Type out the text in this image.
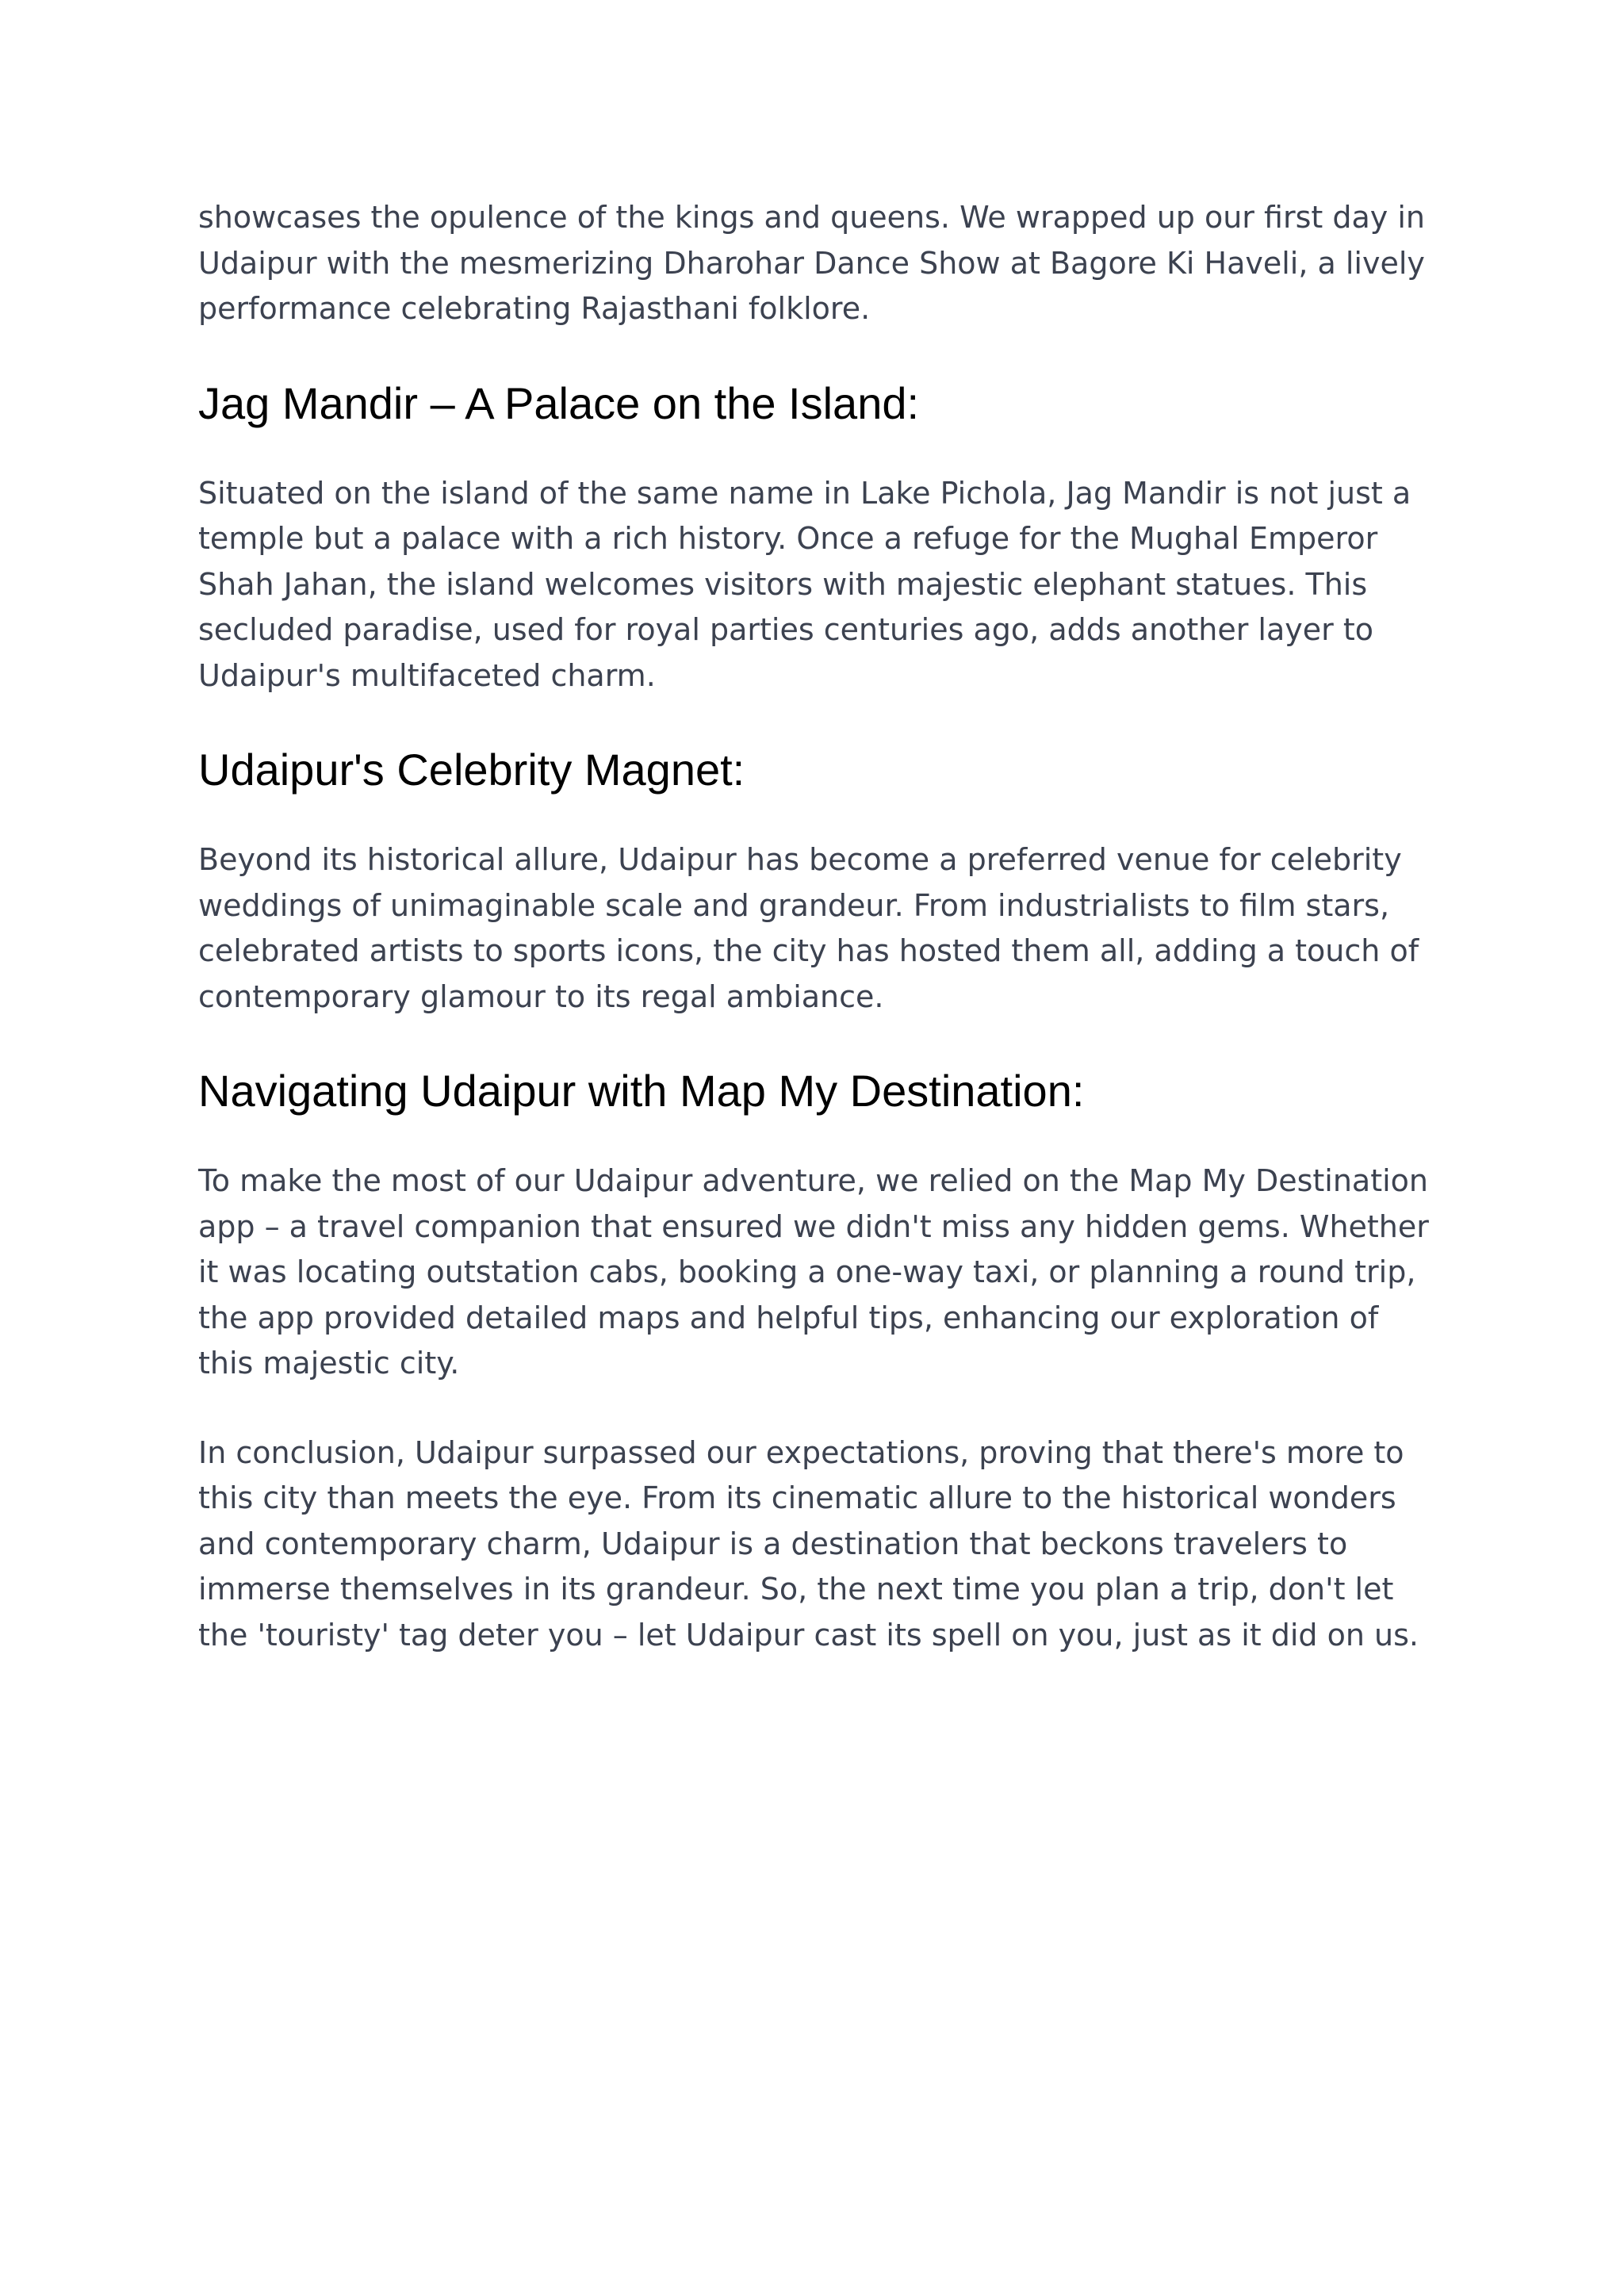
showcases the opulence of the kings and queens. We wrapped up our first day in Udaipur with the mesmerizing Dharohar Dance Show at Bagore Ki Haveli, a lively performance celebrating Rajasthani folklore.

Jag Mandir – A Palace on the Island:

Situated on the island of the same name in Lake Pichola, Jag Mandir is not just a temple but a palace with a rich history. Once a refuge for the Mughal Emperor Shah Jahan, the island welcomes visitors with majestic elephant statues. This secluded paradise, used for royal parties centuries ago, adds another layer to Udaipur's multifaceted charm.

Udaipur's Celebrity Magnet:

Beyond its historical allure, Udaipur has become a preferred venue for celebrity weddings of unimaginable scale and grandeur. From industrialists to film stars, celebrated artists to sports icons, the city has hosted them all, adding a touch of contemporary glamour to its regal ambiance.

Navigating Udaipur with Map My Destination:

To make the most of our Udaipur adventure, we relied on the Map My Destination app – a travel companion that ensured we didn't miss any hidden gems. Whether it was locating outstation cabs, booking a one-way taxi, or planning a round trip, the app provided detailed maps and helpful tips, enhancing our exploration of this majestic city.

In conclusion, Udaipur surpassed our expectations, proving that there's more to this city than meets the eye. From its cinematic allure to the historical wonders and contemporary charm, Udaipur is a destination that beckons travelers to immerse themselves in its grandeur. So, the next time you plan a trip, don't let the 'touristy' tag deter you – let Udaipur cast its spell on you, just as it did on us.
